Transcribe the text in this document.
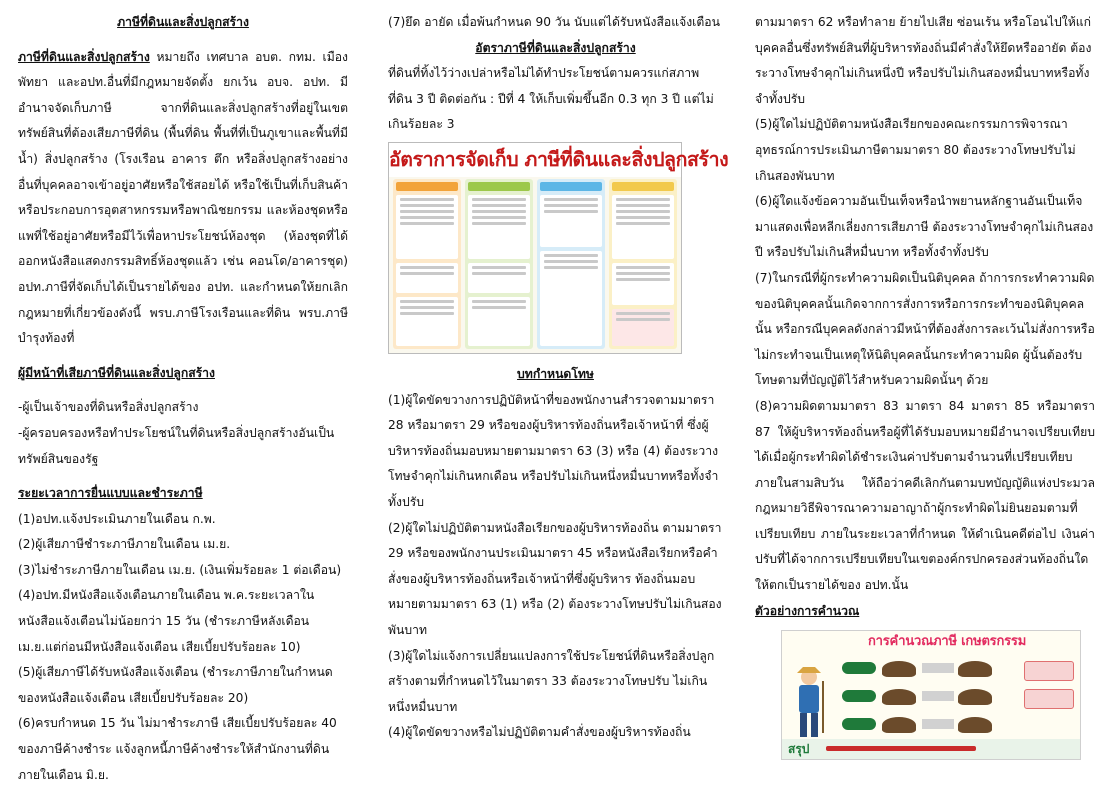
ภาษีที่ดินและสิ่งปลูกสร้าง

ภาษีที่ดินและสิ่งปลูกสร้าง หมายถึง เทศบาล อบต. กทม. เมืองพัทยา และอปท.อื่นที่มีกฎหมายจัดตั้ง ยกเว้น อบจ. อปท. มีอำนาจจัดเก็บภาษี จากที่ดินและสิ่งปลูกสร้างที่อยู่ในเขตทรัพย์สินที่ต้องเสียภาษีที่ดิน (พื้นที่ดิน พื้นที่ที่เป็นภูเขาและพื้นที่มีน้ำ) สิ่งปลูกสร้าง (โรงเรือน อาคาร ตึก หรือสิ่งปลูกสร้างอย่างอื่นที่บุคคลอาจเข้าอยู่อาศัยหรือใช้สอยได้ หรือใช้เป็นที่เก็บสินค้าหรือประกอบการอุตสาหกรรมหรือพาณิชยกรรม และห้องชุดหรือแพที่ใช้อยู่อาศัยหรือมีไว้เพื่อหาประโยชน์ห้องชุด (ห้องชุดที่ได้ออกหนังสือแสดงกรรมสิทธิ์ห้องชุดแล้ว เช่น คอนโด/อาคารชุด) อปท.ภาษีที่จัดเก็บได้เป็นรายได้ของ อปท. และกำหนดให้ยกเลิกกฎหมายที่เกี่ยวข้องดังนี้ พรบ.ภาษีโรงเรือนและที่ดิน พรบ.ภาษีบำรุงท้องที่

ผู้มีหน้าที่เสียภาษีที่ดินและสิ่งปลูกสร้าง

-ผู้เป็นเจ้าของที่ดินหรือสิ่งปลูกสร้าง

-ผู้ครอบครองหรือทำประโยชน์ในที่ดินหรือสิ่งปลูกสร้างอันเป็นทรัพย์สินของรัฐ

ระยะเวลาการยื่นแบบและชำระภาษี

(1)อปท.แจ้งประเมินภายในเดือน ก.พ.

(2)ผู้เสียภาษีชำระภาษีภายในเดือน เม.ย.

(3)ไม่ชำระภาษีภายในเดือน เม.ย. (เงินเพิ่มร้อยละ 1 ต่อเดือน)

(4)อปท.มีหนังสือแจ้งเตือนภายในเดือน พ.ค.ระยะเวลาในหนังสือแจ้งเตือนไม่น้อยกว่า 15 วัน (ชำระภาษีหลังเดือน เม.ย.แต่ก่อนมีหนังสือแจ้งเตือน เสียเบี้ยปรับร้อยละ 10)

(5)ผู้เสียภาษีได้รับหนังสือแจ้งเตือน (ชำระภาษีภายในกำหนดของหนังสือแจ้งเตือน เสียเบี้ยปรับร้อยละ 20)

(6)ครบกำหนด 15 วัน ไม่มาชำระภาษี เสียเบี้ยปรับร้อยละ 40 ของภาษีค้างชำระ แจ้งลูกหนี้ภาษีค้างชำระให้สำนักงานที่ดินภายในเดือน มิ.ย.

(7)ยึด อายัด เมื่อพ้นกำหนด 90 วัน นับแต่ได้รับหนังสือแจ้งเตือน

อัตราภาษีที่ดินและสิ่งปลูกสร้าง

ที่ดินที่ทิ้งไว้ว่างเปล่าหรือไม่ได้ทำประโยชน์ตามควรแก่สภาพที่ดิน 3 ปี ติดต่อกัน : ปีที่ 4 ให้เก็บเพิ่มขึ้นอีก 0.3 ทุก 3 ปี แต่ไม่เกินร้อยละ 3

อัตราการจัดเก็บ ภาษีที่ดินและสิ่งปลูกสร้าง

บทกำหนดโทษ

(1)ผู้ใดขัดขวางการปฏิบัติหน้าที่ของพนักงานสำรวจตามมาตรา 28 หรือมาตรา 29 หรือของผู้บริหารท้องถิ่นหรือเจ้าหน้าที่ ซึ่งผู้บริหารท้องถิ่นมอบหมายตามมาตรา 63 (3) หรือ (4) ต้องระวางโทษจำคุกไม่เกินหกเดือน หรือปรับไม่เกินหนึ่งหมื่นบาทหรือทั้งจำทั้งปรับ

(2)ผู้ใดไม่ปฏิบัติตามหนังสือเรียกของผู้บริหารท้องถิ่น ตามมาตรา 29 หรือของพนักงานประเมินมาตรา 45 หรือหนังสือเรียกหรือคำสั่งของผู้บริหารท้องถิ่นหรือเจ้าหน้าที่ซึ่งผู้บริหาร ท้องถิ่นมอบหมายตามมาตรา 63 (1) หรือ (2) ต้องระวางโทษปรับไม่เกินสองพันบาท

(3)ผู้ใดไม่แจ้งการเปลี่ยนแปลงการใช้ประโยชน์ที่ดินหรือสิ่งปลูกสร้างตามที่กำหนดไว้ในมาตรา 33 ต้องระวางโทษปรับ ไม่เกินหนึ่งหมื่นบาท

(4)ผู้ใดขัดขวางหรือไม่ปฏิบัติตามคำสั่งของผู้บริหารท้องถิ่น

ตามมาตรา 62 หรือทำลาย ย้ายไปเสีย ซ่อนเร้น หรือโอนไปให้แก่บุคคลอื่นซึ่งทรัพย์สินที่ผู้บริหารท้องถิ่นมีคำสั่งให้ยึดหรืออายัด ต้องระวางโทษจำคุกไม่เกินหนึ่งปี หรือปรับไม่เกินสองหมื่นบาทหรือทั้งจำทั้งปรับ

(5)ผู้ใดไม่ปฏิบัติตามหนังสือเรียกของคณะกรรมการพิจารณาอุทธรณ์การประเมินภาษีตามมาตรา 80 ต้องระวางโทษปรับไม่เกินสองพันบาท

(6)ผู้ใดแจ้งข้อความอันเป็นเท็จหรือนำพยานหลักฐานอันเป็นเท็จมาแสดงเพื่อหลีกเลี่ยงการเสียภาษี ต้องระวางโทษจำคุกไม่เกินสองปี หรือปรับไม่เกินสี่หมื่นบาท หรือทั้งจำทั้งปรับ

(7)ในกรณีที่ผู้กระทำความผิดเป็นนิติบุคคล ถ้าการกระทำความผิดของนิติบุคคลนั้นเกิดจากการสั่งการหรือการกระทำของนิติบุคคลนั้น หรือกรณีบุคคลดังกล่าวมีหน้าที่ต้องสั่งการละเว้นไม่สั่งการหรือไม่กระทำจนเป็นเหตุให้นิติบุคคลนั้นกระทำความผิด ผู้นั้นต้องรับโทษตามที่บัญญัติไว้สำหรับความผิดนั้นๆ ด้วย

(8)ความผิดตามมาตรา 83 มาตรา 84 มาตรา 85 หรือมาตรา 87 ให้ผู้บริหารท้องถิ่นหรือผู้ที่ได้รับมอบหมายมีอำนาจเปรียบเทียบได้เมื่อผู้กระทำผิดได้ชำระเงินค่าปรับตามจำนวนที่เปรียบเทียบภายในสามสิบวัน ให้ถือว่าคดีเลิกกันตามบทบัญญัติแห่งประมวลกฎหมายวิธีพิจารณาความอาญาถ้าผู้กระทำผิดไม่ยินยอมตามที่เปรียบเทียบ ภายในระยะเวลาที่กำหนด ให้ดำเนินคดีต่อไป เงินค่าปรับที่ได้จากการเปรียบเทียบในเขตองค์กรปกครองส่วนท้องถิ่นใด ให้ตกเป็นรายได้ของ อปท.นั้น

ตัวอย่างการคำนวณ

การคำนวณภาษี เกษตรกรรม
สรุป
